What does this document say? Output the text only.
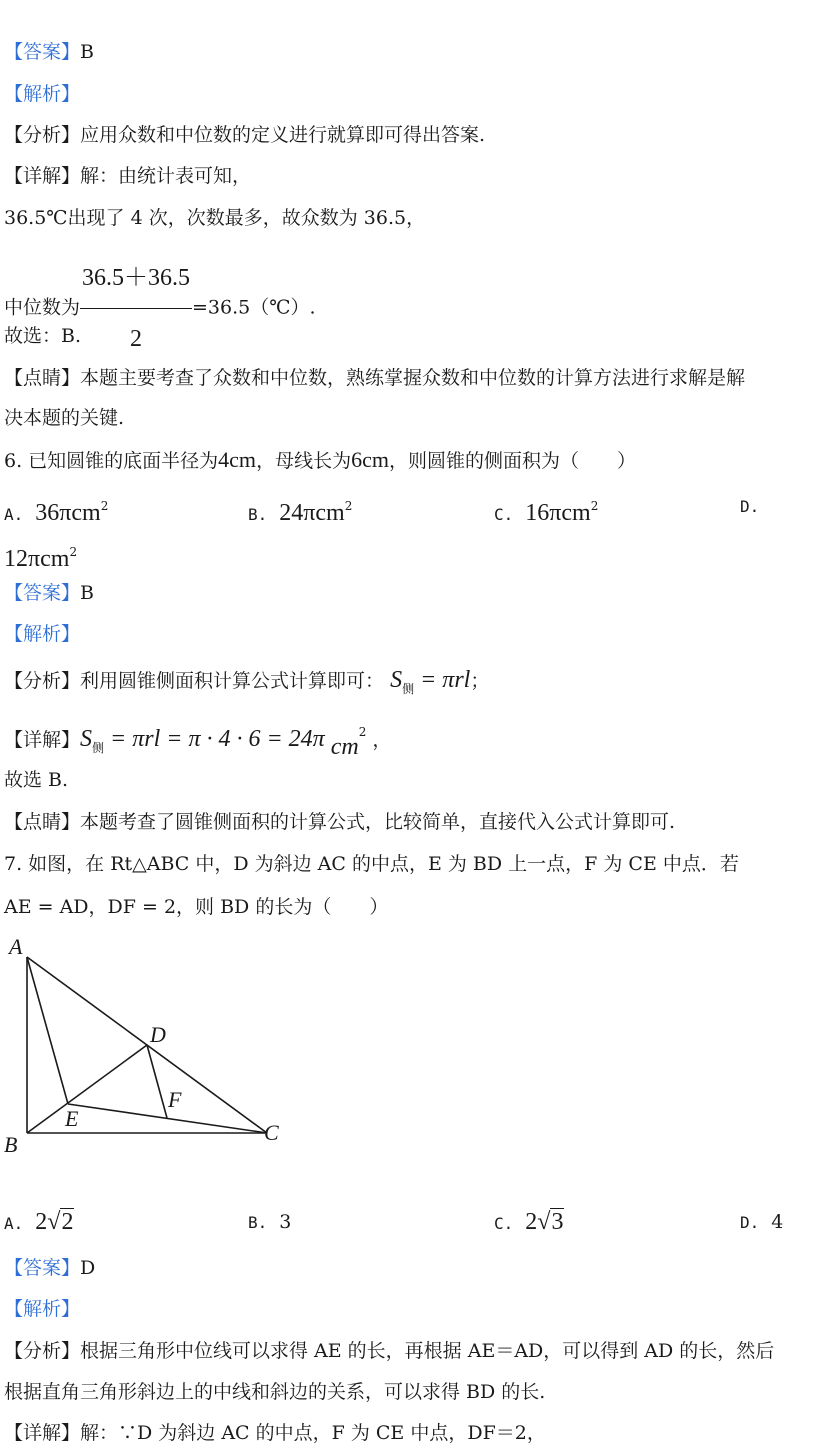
【答案】B
【解析】
【分析】应用众数和中位数的定义进行就算即可得出答案.
【详解】解：由统计表可知，
36.5℃出现了 4 次，次数最多，故众数为 36.5，
中位数为 $\frac{36.5+36.5}{2}$ =36.5（℃）.
故选：B.
【点睛】本题主要考查了众数和中位数，熟练掌握众数和中位数的计算方法进行求解是解
决本题的关键.
6. 已知圆锥的底面半径为4cm，母线长为6cm，则圆锥的侧面积为（　　）
A. 36πcm$^2$	B. 24πcm$^2$	C. 16πcm$^2$	D.
12πcm$^2$
【答案】B
【解析】
【分析】利用圆锥侧面积计算公式计算即可： $S_侧 = \pi rl$；
【详解】$S_侧 = \pi rl = \pi \cdot 4 \cdot 6 = 24\pi$ $cm^2$ ，
故选 B.
【点睛】本题考查了圆锥侧面积的计算公式，比较简单，直接代入公式计算即可.
7. 如图，在 Rt△ABC 中，D 为斜边 AC 的中点，E 为 BD 上一点，F 为 CE 中点．若
AE = AD，DF = 2，则 BD 的长为（　　）
A
B	C
D
E
F
A. 2√2	B. 3	C. 2√3	D. 4
【答案】D
【解析】
【分析】根据三角形中位线可以求得 AE 的长，再根据 AE＝AD，可以得到 AD 的长，然后
根据直角三角形斜边上的中线和斜边的关系，可以求得 BD 的长.
【详解】解：∵D 为斜边 AC 的中点，F 为 CE 中点，DF＝2，
